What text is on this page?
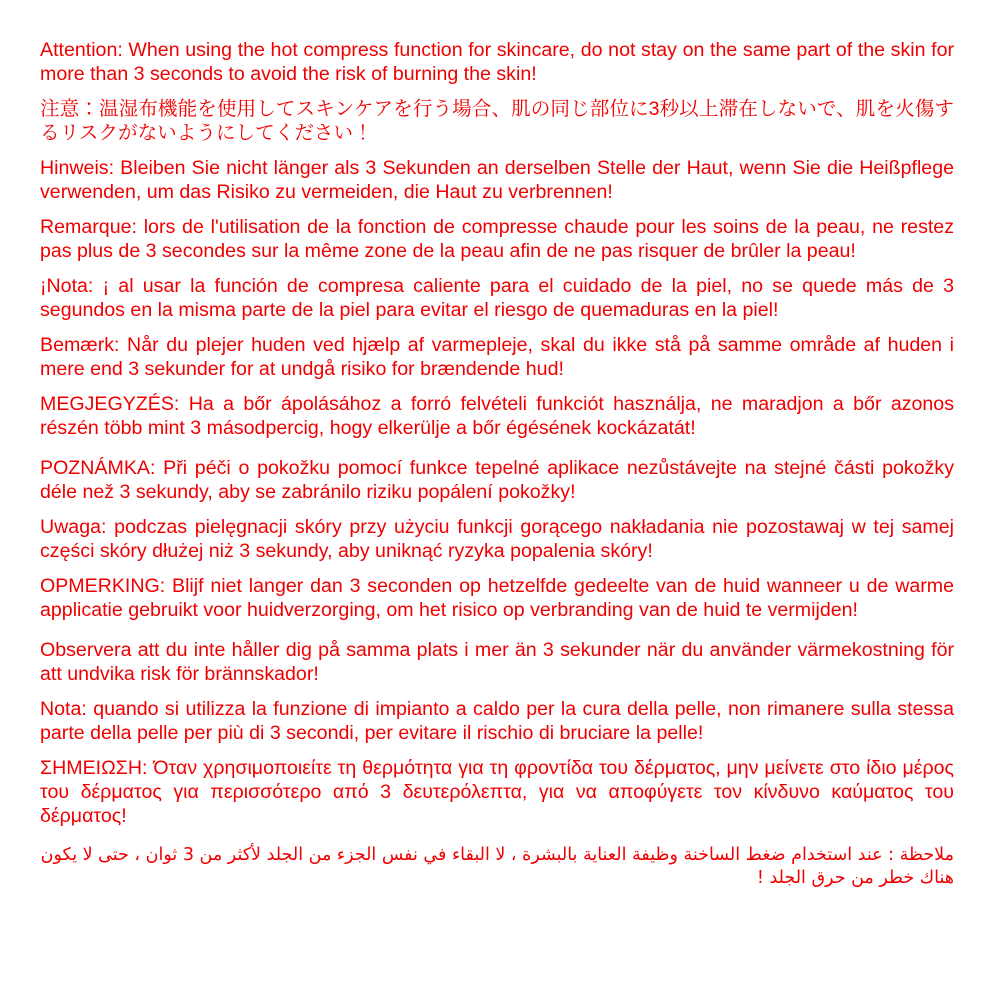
Attention: When using the hot compress function for skincare, do not stay on the same part of the skin for more than 3 seconds to avoid the risk of burning the skin!

注意：温湿布機能を使用してスキンケアを行う場合、肌の同じ部位に3秒以上滞在しないで、肌を火傷するリスクがないようにしてください！

Hinweis: Bleiben Sie nicht länger als 3 Sekunden an derselben Stelle der Haut, wenn Sie die Heißpflege verwenden, um das Risiko zu vermeiden, die Haut zu verbrennen!

Remarque: lors de l'utilisation de la fonction de compresse chaude pour les soins de la peau, ne restez pas plus de 3 secondes sur la même zone de la peau afin de ne pas risquer de brûler la peau!

¡Nota: ¡ al usar la función de compresa caliente para el cuidado de la piel, no se quede más de 3 segundos en la misma parte de la piel para evitar el riesgo de quemaduras en la piel!

Bemærk: Når du plejer huden ved hjælp af varmepleje, skal du ikke stå på samme område af huden i mere end 3 sekunder for at undgå risiko for brændende hud!

MEGJEGYZÉS: Ha a bőr ápolásához a forró felvételi funkciót használja, ne maradjon a bőr azonos részén több mint 3 másodpercig, hogy elkerülje a bőr égésének kockázatát!

POZNÁMKA: Při péči o pokožku pomocí funkce tepelné aplikace nezůstávejte na stejné části pokožky déle než 3 sekundy, aby se zabránilo riziku popálení pokožky!

Uwaga: podczas pielęgnacji skóry przy użyciu funkcji gorącego nakładania nie pozostawaj w tej samej części skóry dłużej niż 3 sekundy, aby uniknąć ryzyka popalenia skóry!

OPMERKING: Blijf niet langer dan 3 seconden op hetzelfde gedeelte van de huid wanneer u de warme applicatie gebruikt voor huidverzorging, om het risico op verbranding van de huid te vermijden!

Observera att du inte håller dig på samma plats i mer än 3 sekunder när du använder värmekostning för att undvika risk för brännskador!

Nota: quando si utilizza la funzione di impianto a caldo per la cura della pelle, non rimanere sulla stessa parte della pelle per più di 3 secondi, per evitare il rischio di bruciare la pelle!

ΣΗΜΕΙΩΣΗ: Όταν χρησιμοποιείτε τη θερμότητα για τη φροντίδα του δέρματος, μην μείνετε στο ίδιο μέρος του δέρματος για περισσότερο από 3 δευτερόλεπτα, για να αποφύγετε τον κίνδυνο καύματος του δέρματος!

ملاحظة : عند استخدام ضغط الساخنة وظيفة العناية بالبشرة ، لا البقاء في نفس الجزء من الجلد لأكثر من 3 ثوان ، حتى لا يكون هناك خطر من حرق الجلد !
